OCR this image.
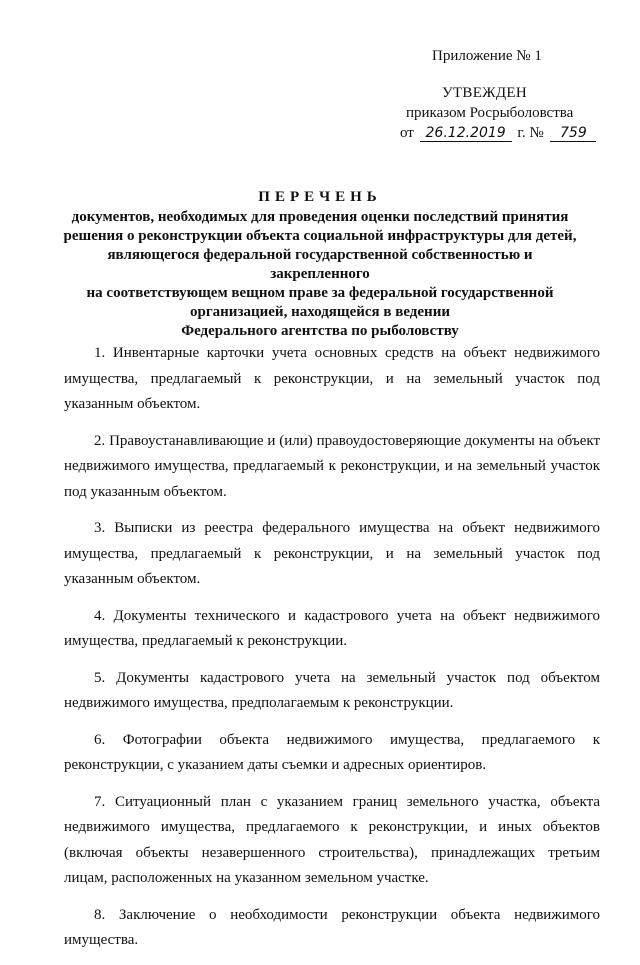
Приложение № 1
УТВЕЖДЕН
приказом Росрыболовства
от 26.12.2019 г. № 759
ПЕРЕЧЕНЬ
документов, необходимых для проведения оценки последствий принятия
решения о реконструкции объекта социальной инфраструктуры для детей,
являющегося федеральной государственной собственностью и закрепленного
на соответствующем вещном праве за федеральной государственной
организацией, находящейся в ведении
Федерального агентства по рыболовству

1. Инвентарные карточки учета основных средств на объект недвижимого имущества, предлагаемый к реконструкции, и на земельный участок под указанным объектом.

2. Правоустанавливающие и (или) правоудостоверяющие документы на объект недвижимого имущества, предлагаемый к реконструкции, и на земельный участок под указанным объектом.

3. Выписки из реестра федерального имущества на объект недвижимого имущества, предлагаемый к реконструкции, и на земельный участок под указанным объектом.

4. Документы технического и кадастрового учета на объект недвижимого имущества, предлагаемый к реконструкции.

5. Документы кадастрового учета на земельный участок под объектом недвижимого имущества, предполагаемым к реконструкции.

6. Фотографии объекта недвижимого имущества, предлагаемого к реконструкции, с указанием даты съемки и адресных ориентиров.

7. Ситуационный план с указанием границ земельного участка, объекта недвижимого имущества, предлагаемого к реконструкции, и иных объектов (включая объекты незавершенного строительства), принадлежащих третьим лицам, расположенных на указанном земельном участке.

8. Заключение о необходимости реконструкции объекта недвижимого имущества.
